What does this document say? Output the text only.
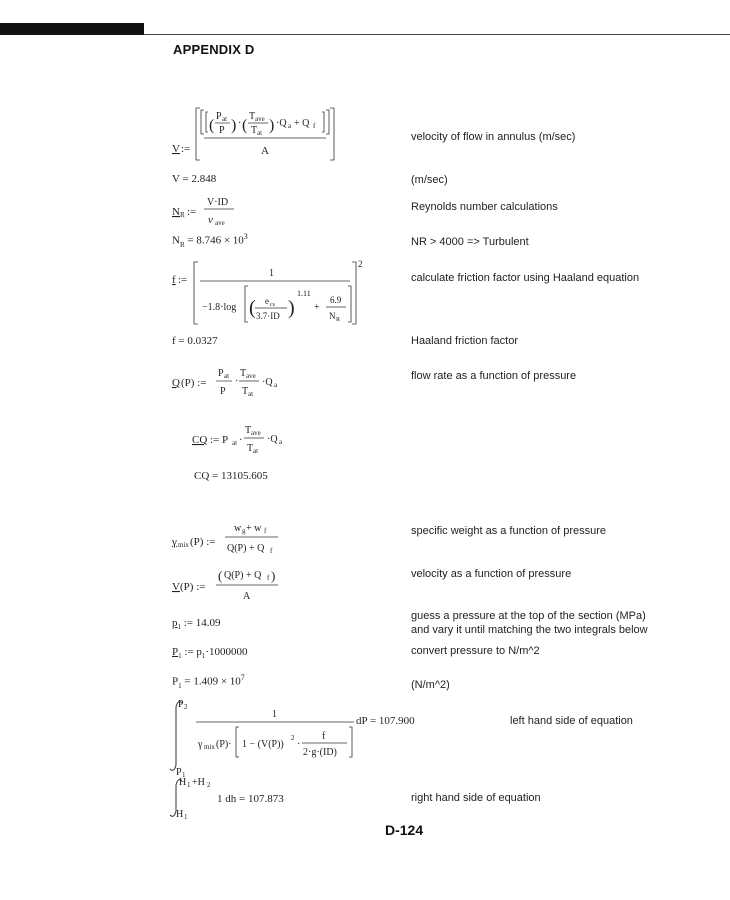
APPENDIX D
V :=
(
P at
P ) · (
T ave
T at ) ·Q a + Q f
A
velocity of flow in annulus (m/sec)
V = 2.848	(m/sec)
N R :=
V·ID
ν ave
Reynolds number calculations
$N_R = 8.746 \times 10^3$	NR > 4000 => Turbulent
f :=
2
1
−1.8·log ( e cs
3.7·ID )
1.11
+
6.9
N R
calculate friction factor using Haaland equation
f = 0.0327	Haaland friction factor
Q (P) :=
P at
P
·
T ave
T at
·Q a
flow rate as a function of pressure
CQ := P at ·
T ave
T at
·Q a
CQ = 13105.605
γ mix (P) :=
w g + w f
Q(P) + Q f
specific weight as a function of pressure
V (P) :=
( Q(P) + Q f )
A
velocity as a function of pressure
$p_1$ := 14.09
guess a pressure at the top of the section (MPa)
and vary it until matching the two integrals below
$P_1$ := $p_1\cdot 1000000$	convert pressure to N/m^2
$P_1 = 1.409 \times 10^7$
(N/m^2)
P 2
P 1
1
γ mix (P)· 1 − (V(P))
2
·
f
2·g·(ID)
dP = 107.900	left hand side of equation
H 1 +H 2
H 1
1 dh = 107.873	right hand side of equation
D-124
